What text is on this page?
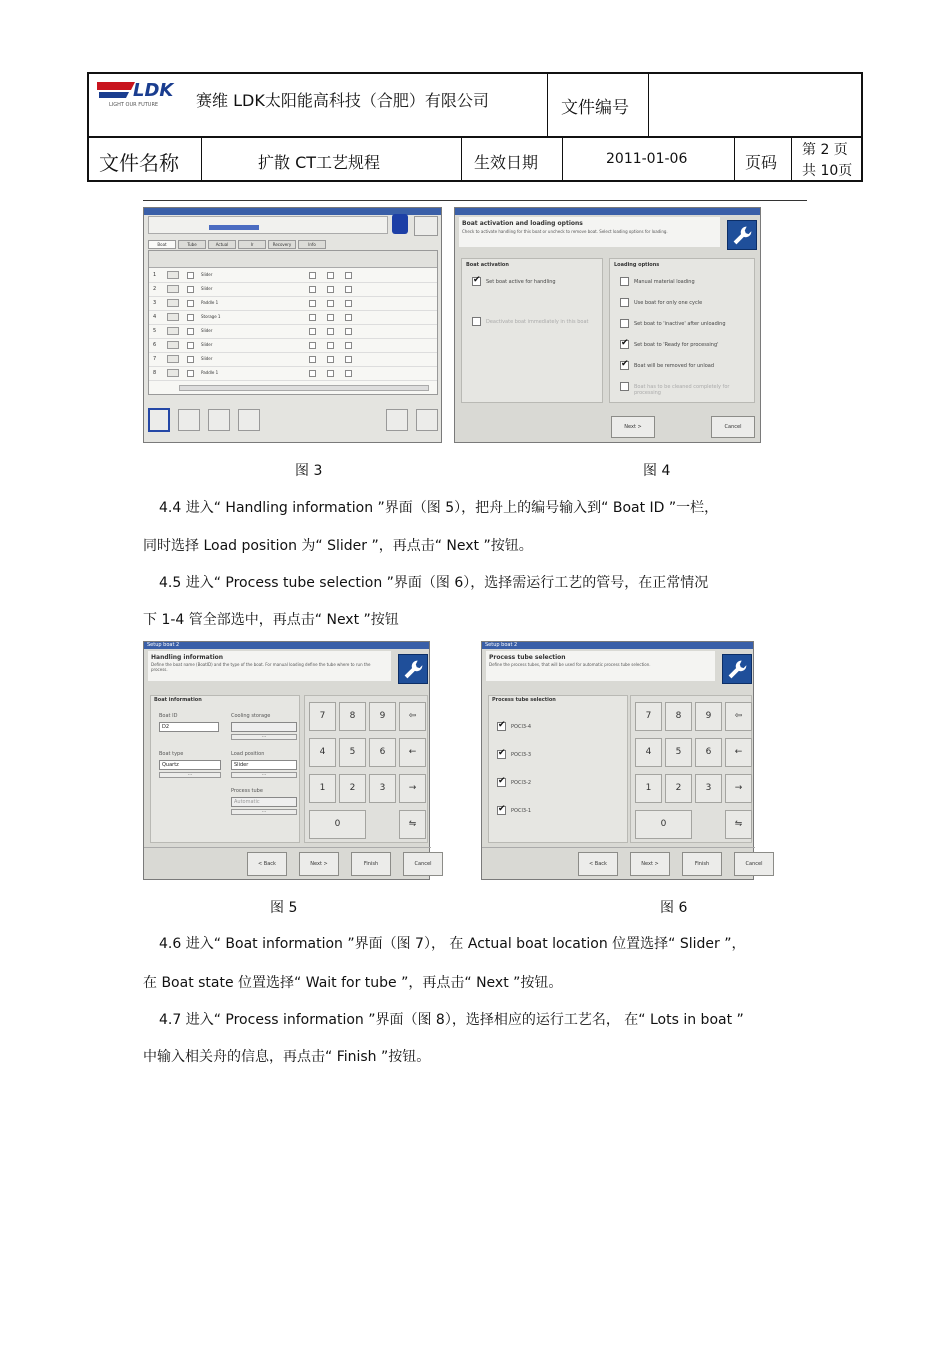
LDK
LIGHT OUR FUTURE 赛维 LDK太阳能高科技（合肥）有限公司	文件编号
文件名称	扩散 CT工艺规程	生效日期	2011-01-06	页码
第 2 页
共 10页
Boat	Tube	Actual	Ir	Recovery	Info
1	Slider
2	Slider
3	Paddle 1
4	Storage 1
5	Slider
6	Slider
7	Slider
8	Paddle 1
Boat activation and loading options
Check to activate handling for this boat or uncheck to remove boat. Select loading options for loading.
Boat activation
✔
Set boat active for handling
Deactivate boat immediately in this boat
Loading options
Manual material loading
Use boat for only one cycle
Set boat to 'inactive' after unloading
✔
Set boat to 'Ready for processing'
✔
Boat will be removed for unload
Boat has to be cleaned completely for processing
Next >	Cancel
图 3	图 4
4.4 进入“ Handling information ”界面（图 5），把舟上的编号输入到“ Boat ID ”一栏，
同时选择 Load position 为“ Slider ”，再点击“ Next ”按钮。
4.5 进入“ Process tube selection ”界面（图 6），选择需运行工艺的管号，在正常情况
下 1-4 管全部选中，再点击“ Next ”按钮
Setup boat 2
Handling information
Define the boat name (BoatID) and the type of the boat. For manual loading define the tube where to run the process.
Boat information
Boat ID
D2
Boat type
Quartz
···
Cooling storage
···
Load position
Slider
···
Process tube
Automatic
···
7	8	9	⇦
4	5	6	←
1	2	3	→
0	⇋
< Back	Next >	Finish	Cancel
Setup boat 2
Process tube selection
Define the process tubes, that will be used for automatic process tube selection.
Process tube selection
✔
POCl3-4
✔
POCl3-3
✔
POCl3-2
✔
POCl3-1
7	8	9	⇦
4	5	6	←
1	2	3	→
0	⇋
< Back	Next >	Finish	Cancel
图 5	图 6
4.6 进入“ Boat information ”界面（图 7）， 在 Actual boat location 位置选择“ Slider ”，
在 Boat state 位置选择“ Wait for tube ”，再点击“ Next ”按钮。
4.7 进入“ Process information ”界面（图 8），选择相应的运行工艺名， 在“ Lots in boat ”
中输入相关舟的信息，再点击“ Finish ”按钮。
